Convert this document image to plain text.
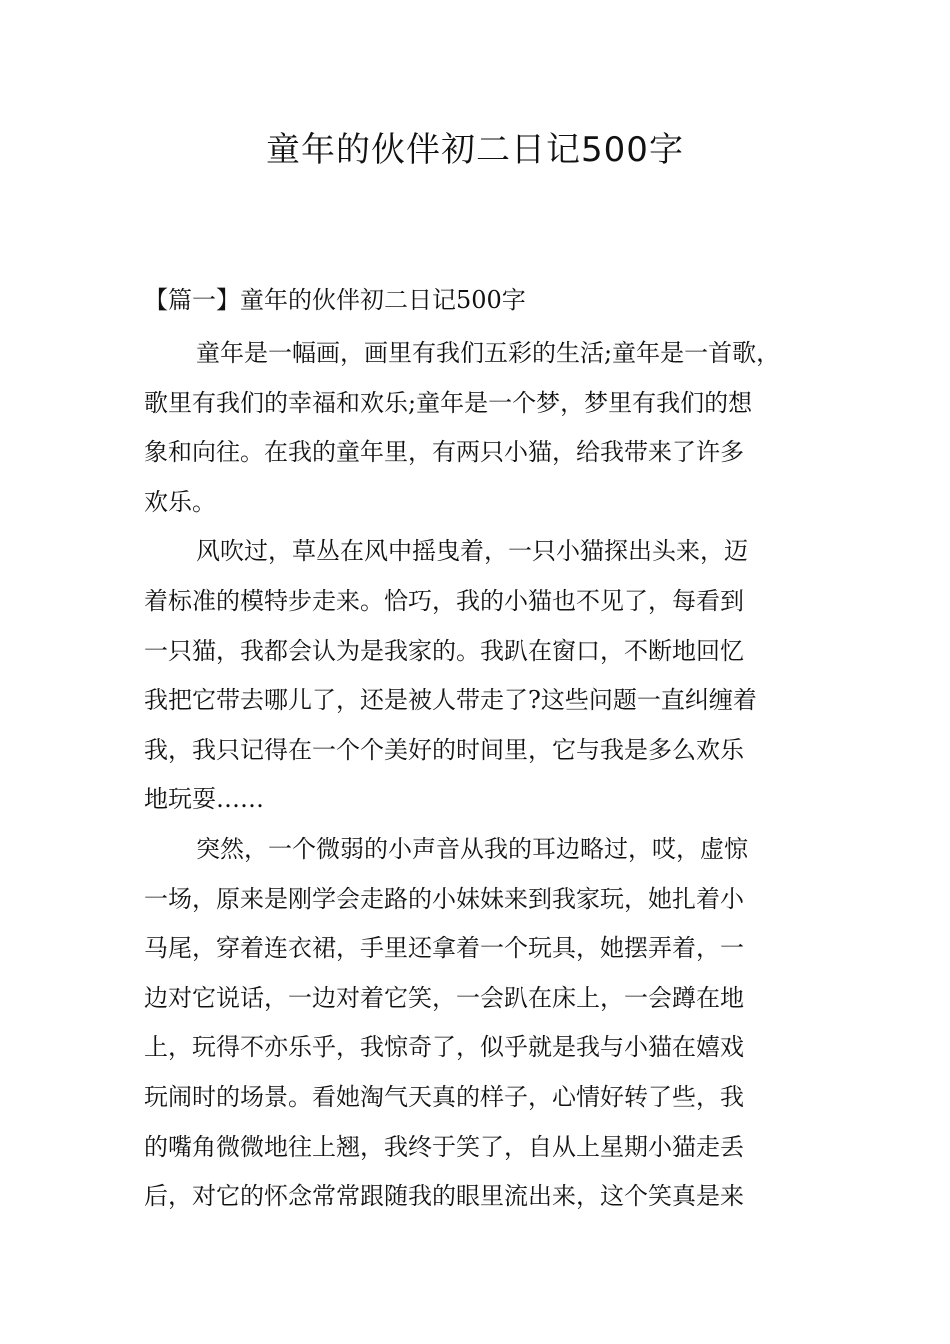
童年的伙伴初二日记500字

【篇一】童年的伙伴初二日记500字

童年是一幅画，画里有我们五彩的生活;童年是一首歌，
歌里有我们的幸福和欢乐;童年是一个梦，梦里有我们的想
象和向往。在我的童年里，有两只小猫，给我带来了许多
欢乐。

风吹过，草丛在风中摇曳着，一只小猫探出头来，迈
着标准的模特步走来。恰巧，我的小猫也不见了，每看到
一只猫，我都会认为是我家的。我趴在窗口，不断地回忆
我把它带去哪儿了，还是被人带走了?这些问题一直纠缠着
我，我只记得在一个个美好的时间里，它与我是多么欢乐
地玩耍……

突然，一个微弱的小声音从我的耳边略过，哎，虚惊
一场，原来是刚学会走路的小妹妹来到我家玩，她扎着小
马尾，穿着连衣裙，手里还拿着一个玩具，她摆弄着，一
边对它说话，一边对着它笑，一会趴在床上，一会蹲在地
上，玩得不亦乐乎，我惊奇了，似乎就是我与小猫在嬉戏
玩闹时的场景。看她淘气天真的样子，心情好转了些，我
的嘴角微微地往上翘，我终于笑了，自从上星期小猫走丢
后，对它的怀念常常跟随我的眼里流出来，这个笑真是来
